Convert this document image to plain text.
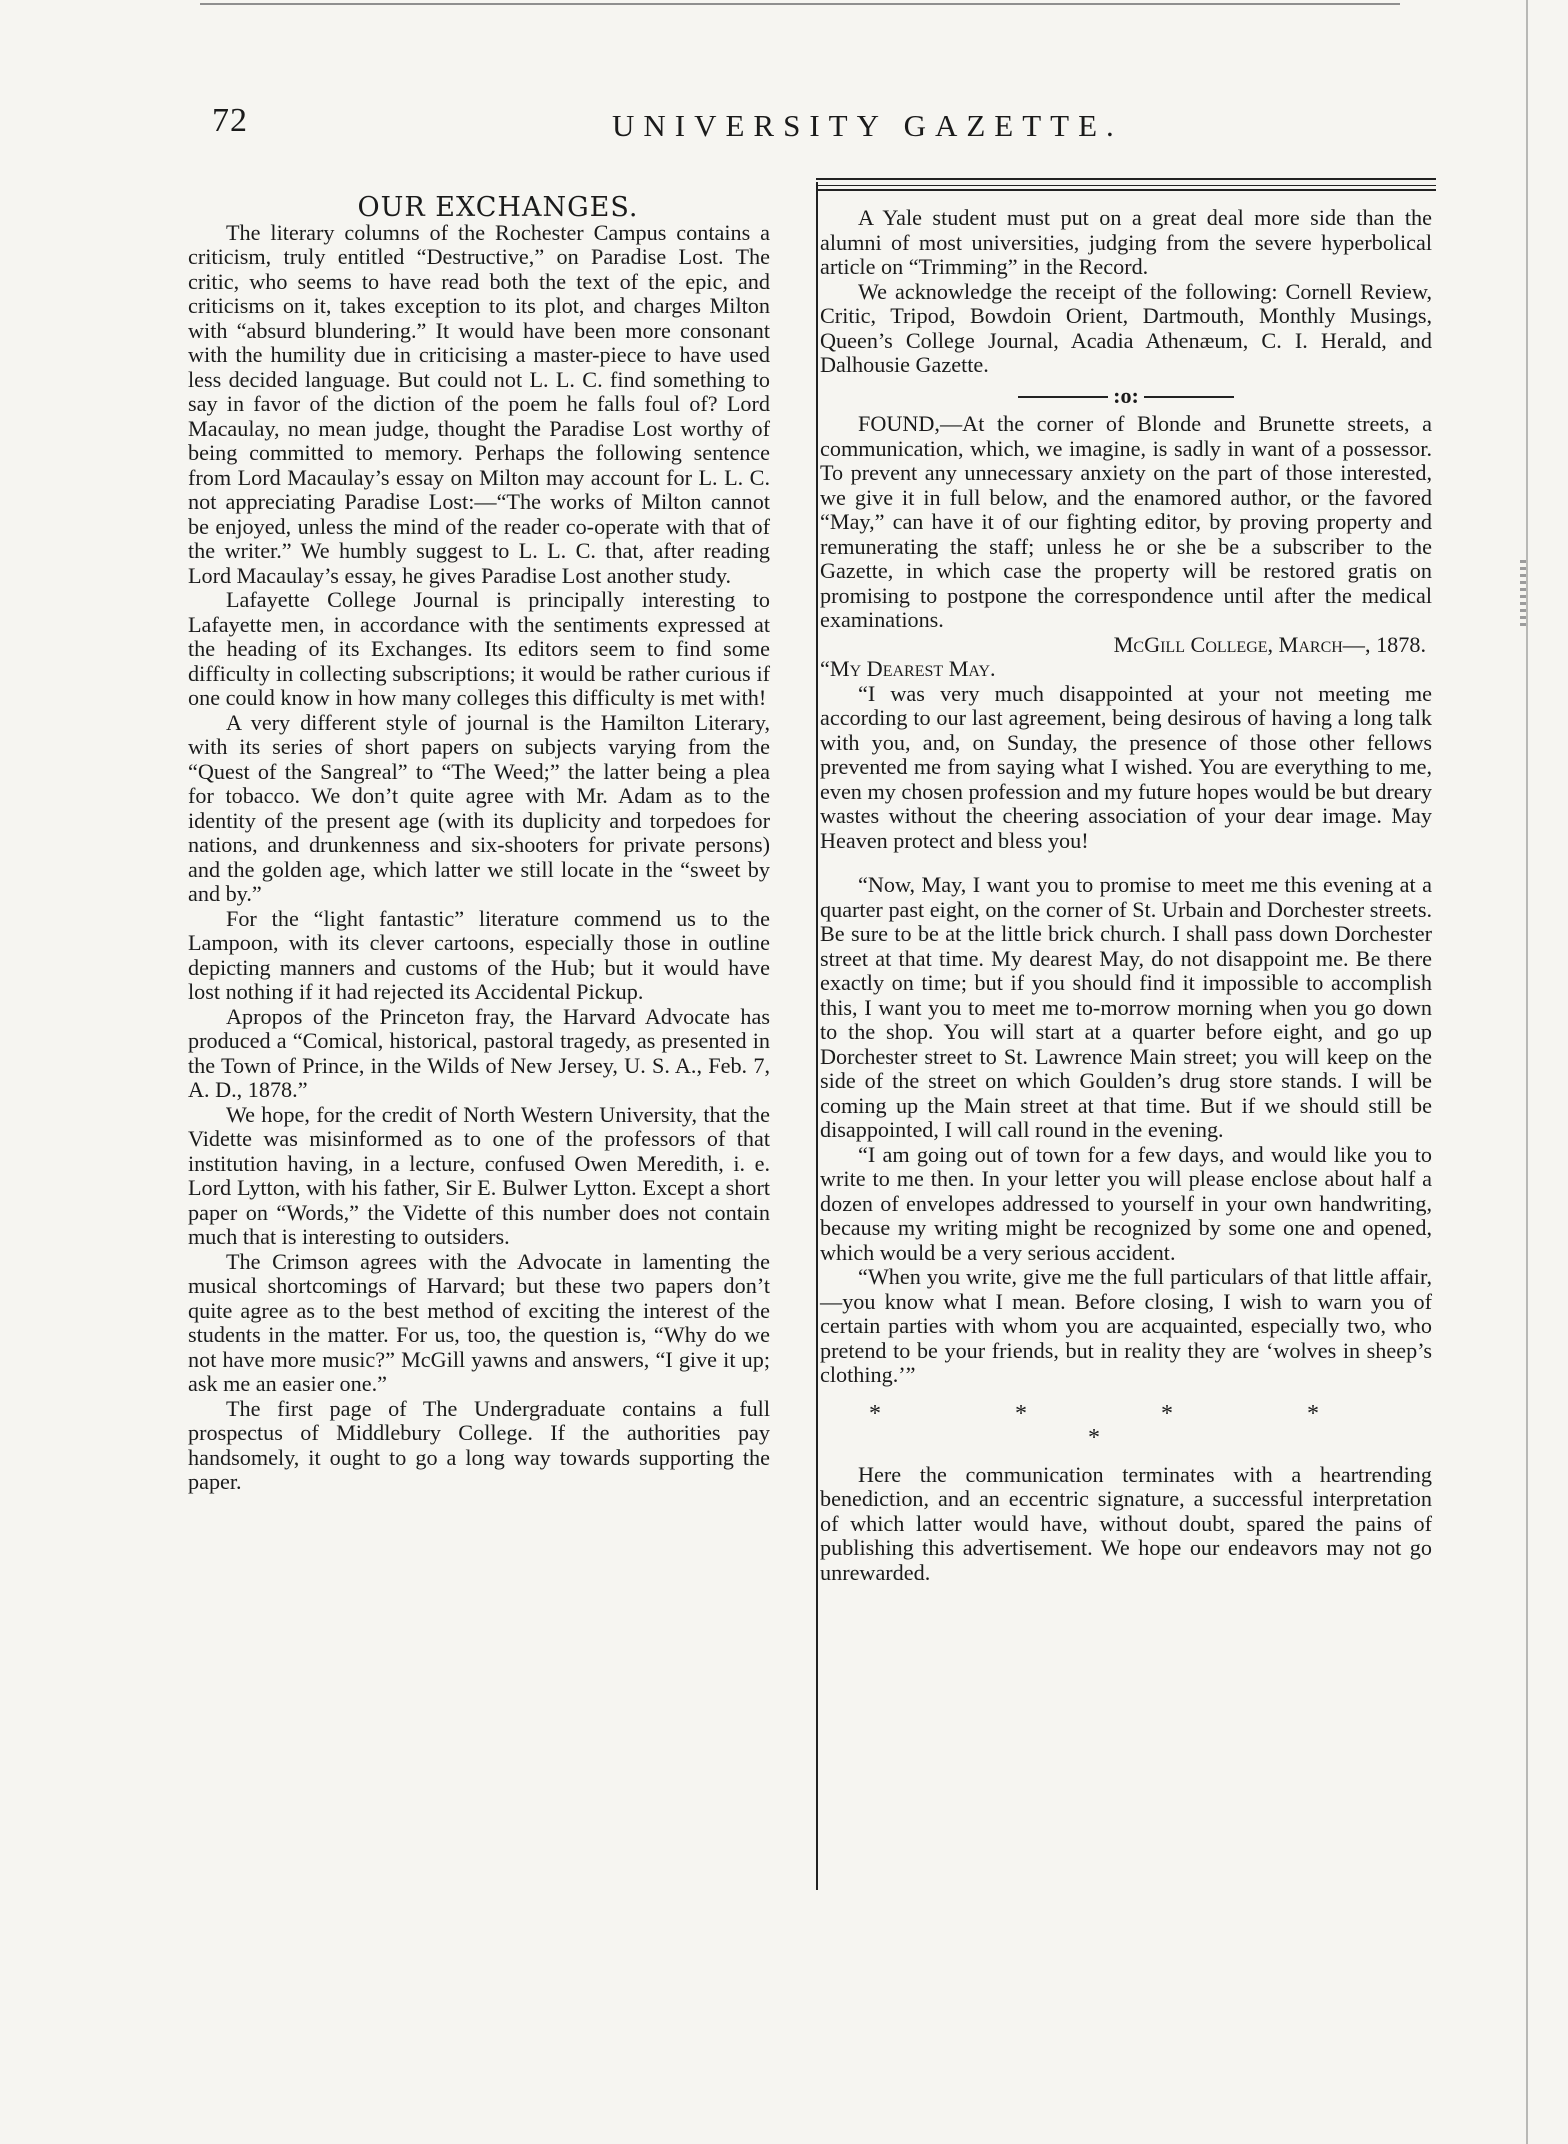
72	UNIVERSITY GAZETTE.

OUR EXCHANGES.

The literary columns of the Rochester Campus contains a criticism, truly entitled “Destructive,” on Paradise Lost. The critic, who seems to have read both the text of the epic, and criticisms on it, takes exception to its plot, and charges Milton with “absurd blundering.” It would have been more consonant with the humility due in criticising a master-piece to have used less decided language. But could not L. L. C. find something to say in favor of the diction of the poem he falls foul of? Lord Macaulay, no mean judge, thought the Paradise Lost worthy of being committed to memory. Perhaps the following sentence from Lord Macaulay’s essay on Milton may account for L. L. C. not appreciating Paradise Lost:—“The works of Milton cannot be enjoyed, unless the mind of the reader co-operate with that of the writer.” We humbly suggest to L. L. C. that, after reading Lord Macaulay’s essay, he gives Paradise Lost another study.

Lafayette College Journal is principally interesting to Lafayette men, in accordance with the sentiments expressed at the heading of its Exchanges. Its editors seem to find some difficulty in collecting subscriptions; it would be rather curious if one could know in how many colleges this difficulty is met with!

A very different style of journal is the Hamilton Literary, with its series of short papers on subjects varying from the “Quest of the Sangreal” to “The Weed;” the latter being a plea for tobacco. We don’t quite agree with Mr. Adam as to the identity of the present age (with its duplicity and torpedoes for nations, and drunkenness and six-shooters for private persons) and the golden age, which latter we still locate in the “sweet by and by.”

For the “light fantastic” literature commend us to the Lampoon, with its clever cartoons, especially those in outline depicting manners and customs of the Hub; but it would have lost nothing if it had rejected its Accidental Pickup.

Apropos of the Princeton fray, the Harvard Advocate has produced a “Comical, historical, pastoral tragedy, as presented in the Town of Prince, in the Wilds of New Jersey, U. S. A., Feb. 7, A. D., 1878.”

We hope, for the credit of North Western University, that the Vidette was misinformed as to one of the professors of that institution having, in a lecture, confused Owen Meredith, i. e. Lord Lytton, with his father, Sir E. Bulwer Lytton. Except a short paper on “Words,” the Vidette of this number does not contain much that is interesting to outsiders.

The Crimson agrees with the Advocate in lamenting the musical shortcomings of Harvard; but these two papers don’t quite agree as to the best method of exciting the interest of the students in the matter. For us, too, the question is, “Why do we not have more music?” McGill yawns and answers, “I give it up; ask me an easier one.”

The first page of The Undergraduate contains a full prospectus of Middlebury College. If the authorities pay handsomely, it ought to go a long way towards supporting the paper.

A Yale student must put on a great deal more side than the alumni of most universities, judging from the severe hyperbolical article on “Trimming” in the Record.

We acknowledge the receipt of the following: Cornell Review, Critic, Tripod, Bowdoin Orient, Dartmouth, Monthly Musings, Queen’s College Journal, Acadia Athenæum, C. I. Herald, and Dalhousie Gazette.

:o:

FOUND,—At the corner of Blonde and Brunette streets, a communication, which, we imagine, is sadly in want of a possessor. To prevent any unnecessary anxiety on the part of those interested, we give it in full below, and the enamored author, or the favored “May,” can have it of our fighting editor, by proving property and remunerating the staff; unless he or she be a subscriber to the Gazette, in which case the property will be restored gratis on promising to postpone the correspondence until after the medical examinations.

McGill College, March—, 1878.

“My Dearest May.

“I was very much disappointed at your not meeting me according to our last agreement, being desirous of having a long talk with you, and, on Sunday, the presence of those other fellows prevented me from saying what I wished. You are everything to me, even my chosen profession and my future hopes would be but dreary wastes without the cheering association of your dear image. May Heaven protect and bless you!

“Now, May, I want you to promise to meet me this evening at a quarter past eight, on the corner of St. Urbain and Dorchester streets. Be sure to be at the little brick church. I shall pass down Dorchester street at that time. My dearest May, do not disappoint me. Be there exactly on time; but if you should find it impossible to accomplish this, I want you to meet me to-morrow morning when you go down to the shop. You will start at a quarter before eight, and go up Dorchester street to St. Lawrence Main street; you will keep on the side of the street on which Goulden’s drug store stands. I will be coming up the Main street at that time. But if we should still be disappointed, I will call round in the evening.

“I am going out of town for a few days, and would like you to write to me then. In your letter you will please enclose about half a dozen of envelopes addressed to yourself in your own handwriting, because my writing might be recognized by some one and opened, which would be a very serious accident.

“When you write, give me the full particulars of that little affair,—you know what I mean. Before closing, I wish to warn you of certain parties with whom you are acquainted, especially two, who pretend to be your friends, but in reality they are ‘wolves in sheep’s clothing.’”

* * * * *

Here the communication terminates with a heartrending benediction, and an eccentric signature, a successful interpretation of which latter would have, without doubt, spared the pains of publishing this advertisement. We hope our endeavors may not go unrewarded.
